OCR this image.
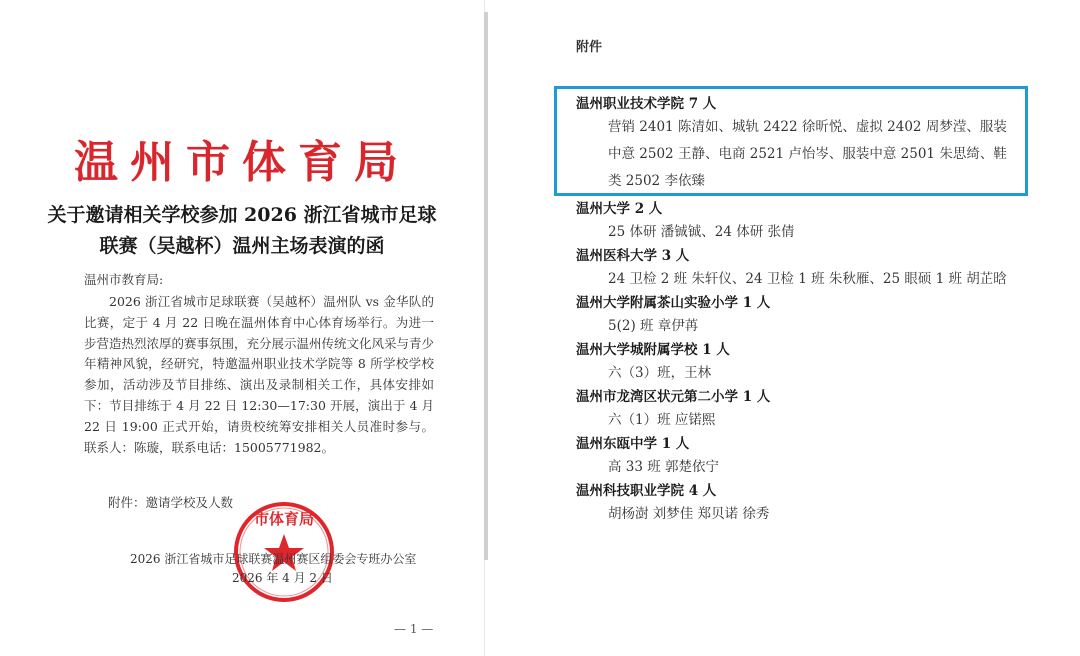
温州市体育局
关于邀请相关学校参加 2026 浙江省城市足球联赛（吴越杯）温州主场表演的函
温州市教育局:
2026 浙江省城市足球联赛（吴越杯）温州队 vs 金华队的比赛，定于 4 月 22 日晚在温州体育中心体育场举行。为进一步营造热烈浓厚的赛事氛围，充分展示温州传统文化风采与青少年精神风貌，经研究，特邀温州职业技术学院等 8 所学校学校参加，活动涉及节目排练、演出及录制相关工作，具体安排如下：节目排练于 4 月 22 日 12:30—17:30 开展，演出于 4 月 22 日 19:00 正式开始，请贵校统筹安排相关人员准时参与。联系人：陈璇，联系电话：15005771982。
附件：邀请学校及人数
市体育局
2026 浙江省城市足球联赛温州赛区组委会专班办公室
2026 年 4 月 2 日
— 1 —
附件
温州职业技术学院 7 人
营销 2401 陈清如、城轨 2422 徐昕悦、虚拟 2402 周梦滢、服装中意 2502 王静、电商 2521 卢怡岑、服装中意 2501 朱思绮、鞋类 2502 李依臻
温州大学 2 人
25 体研 潘铖铖、24 体研 张倩
温州医科大学 3 人
24 卫检 2 班 朱轩仪、24 卫检 1 班 朱秋雁、25 眼硕 1 班 胡芷晗
温州大学附属茶山实验小学 1 人
5(2) 班 章伊苒
温州大学城附属学校 1 人
六（3）班，王林
温州市龙湾区状元第二小学 1 人
六（1）班 应锘熙
温州东瓯中学 1 人
高 33 班 郭楚依宁
温州科技职业学院 4 人
胡杨澍 刘梦佳 郑贝诺 徐秀
